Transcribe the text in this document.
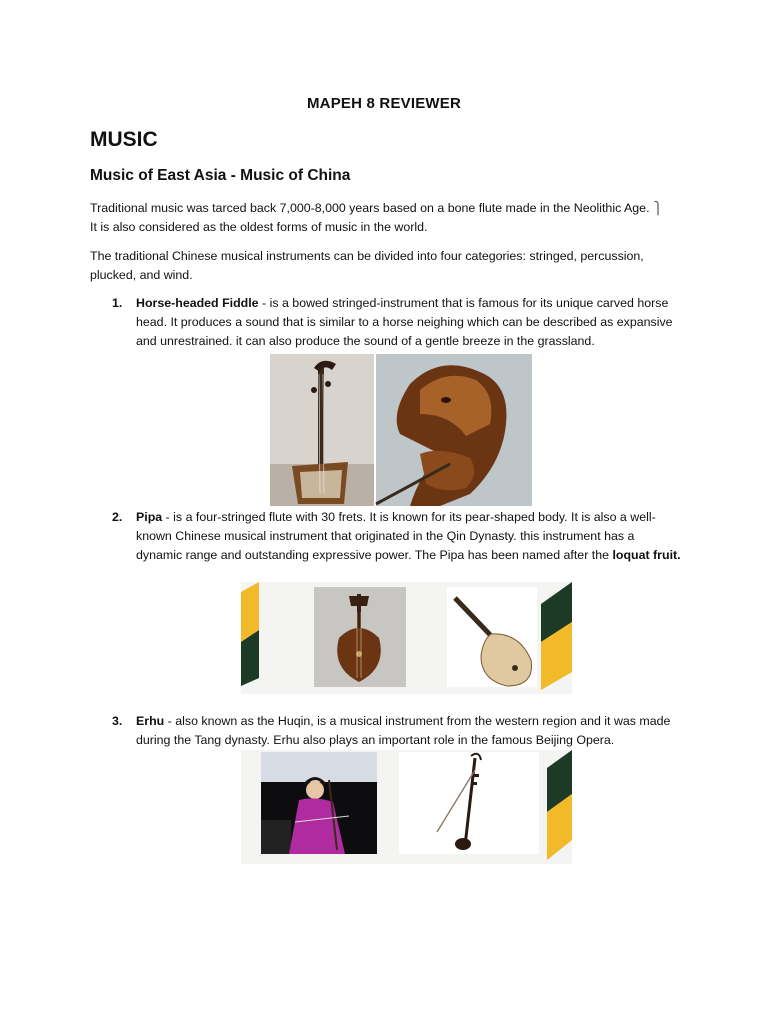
MAPEH 8 REVIEWER
MUSIC
Music of East Asia - Music of China
Traditional music was tarced back 7,000-8,000 years based on a bone flute made in the Neolithic Age. ⎫
It is also considered as the oldest forms of music in the world.
The traditional Chinese musical instruments can be divided into four categories: stringed, percussion, plucked, and wind.
1. Horse-headed Fiddle - is a bowed stringed-instrument that is famous for its unique carved horse head. It produces a sound that is similar to a horse neighing which can be described as expansive and unrestrained. it can also produce the sound of a gentle breeze in the grassland.
2. Pipa - is a four-stringed flute with 30 frets. It is known for its pear-shaped body. It is also a well-known Chinese musical instrument that originated in the Qin Dynasty. this instrument has a dynamic range and outstanding expressive power. The Pipa has been named after the loquat fruit.
3. Erhu - also known as the Huqin, is a musical instrument from the western region and it was made during the Tang dynasty. Erhu also plays an important role in the famous Beijing Opera.
